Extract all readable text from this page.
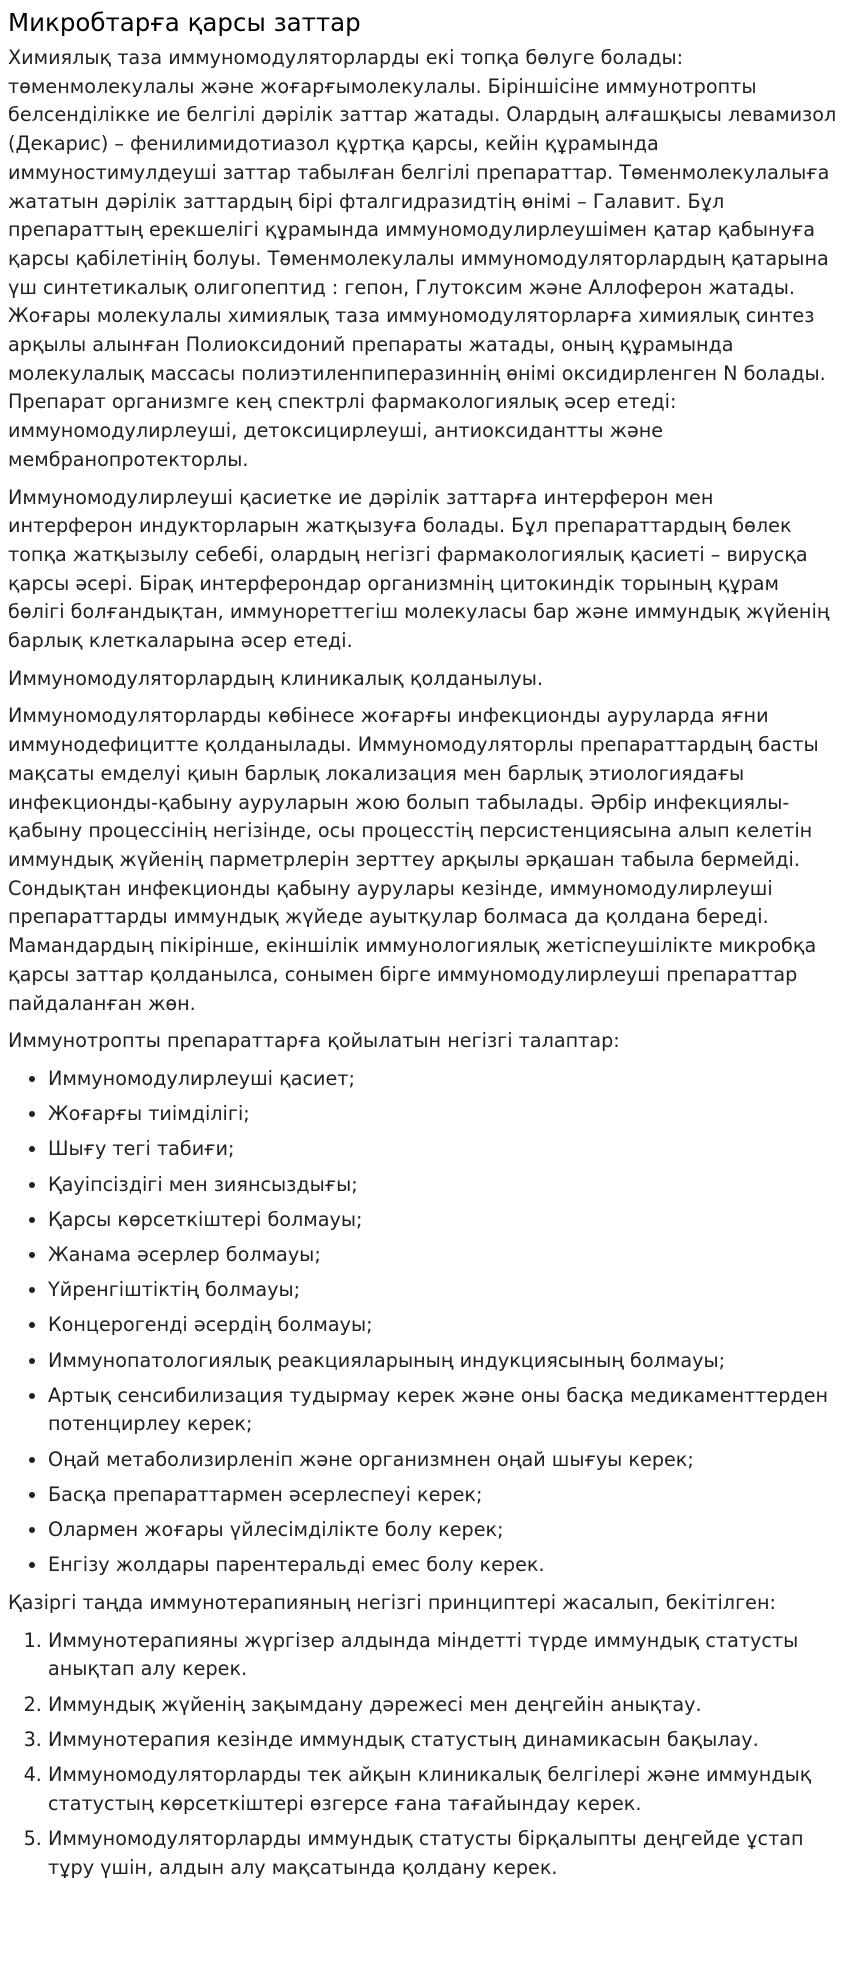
Микробтарға қарсы заттар

Химиялық таза иммуномодуляторларды екі топқа бөлуге болады: төменмолекулалы және жоғарғымолекулалы. Біріншісіне иммунотропты белсенділікке ие белгілі дәрілік заттар жатады. Олардың алғашқысы левамизол (Декарис) – фенилимидотиазол құртқа қарсы, кейін құрамында иммуностимулдеуші заттар табылған белгілі препараттар. Төменмолекулалыға жататын дәрілік заттардың бірі фталгидразидтің өнімі – Галавит. Бұл препараттың ерекшелігі құрамында иммуномодулирлеушімен қатар қабынуға қарсы қабілетінің болуы. Төменмолекулалы иммуномодуляторлардың қатарына үш синтетикалық олигопептид : гепон, Глутоксим және Аллоферон жатады. Жоғары молекулалы химиялық таза иммуномодуляторларға химиялық синтез арқылы алынған Полиоксидоний препараты жатады, оның құрамында молекулалық массасы полиэтиленпиперазиннің өнімі оксидирленген N болады. Препарат организмге кең спектрлі фармакологиялық әсер етеді: иммуномодулирлеуші, детоксицирлеуші, антиоксидантты және мембранопротекторлы.

Иммуномодулирлеуші қасиетке ие дәрілік заттарға интерферон мен интерферон индукторларын жатқызуға болады. Бұл препараттардың бөлек топқа жатқызылу себебі, олардың негізгі фармакологиялық қасиеті – вирусқа қарсы әсері. Бірақ интерферондар организмнің цитокиндік торының құрам бөлігі болғандықтан, иммунореттегіш молекуласы бар және иммундық жүйенің барлық клеткаларына әсер етеді.

Иммуномодуляторлардың клиникалық қолданылуы.

Иммуномодуляторларды көбінесе жоғарғы инфекционды ауруларда яғни иммунодефицитте қолданылады. Иммуномодуляторлы препараттардың басты мақсаты емделуі қиын барлық локализация мен барлық этиологиядағы инфекционды-қабыну ауруларын жою болып табылады. Әрбір инфекциялы-қабыну процессінің негізінде, осы процесстің персистенциясына алып келетін иммундық жүйенің парметрлерін зерттеу арқылы әрқашан табыла бермейді. Сондықтан инфекционды қабыну аурулары кезінде, иммуномодулирлеуші препараттарды иммундық жүйеде ауытқулар болмаса да қолдана береді. Мамандардың пікірінше, екіншілік иммунологиялық жетіспеушілікте микробқа қарсы заттар қолданылса, сонымен бірге иммуномодулирлеуші препараттар пайдаланған жөн.

Иммунотропты препараттарға қойылатын негізгі талаптар:

• Иммуномодулирлеуші қасиет;
• Жоғарғы тиімділігі;
• Шығу тегі табиғи;
• Қауіпсіздігі мен зиянсыздығы;
• Қарсы көрсеткіштері болмауы;
• Жанама әсерлер болмауы;
• Үйренгіштіктің болмауы;
• Концерогенді әсердің болмауы;
• Иммунопатологиялық реакцияларының индукциясының болмауы;
• Артық сенсибилизация тудырмау керек және оны басқа медикаменттерден потенцирлеу керек;
• Оңай метаболизирленіп және организмнен оңай шығуы керек;
• Басқа препараттармен әсерлеспеуі керек;
• Олармен жоғары үйлесімділікте болу керек;
• Енгізу жолдары парентеральді емес болу керек.

Қазіргі таңда иммунотерапияның негізгі принциптері жасалып, бекітілген:

1. Иммунотерапияны жүргізер алдында міндетті түрде иммундық статусты анықтап алу керек.
2. Иммундық жүйенің зақымдану дәрежесі мен деңгейін анықтау.
3. Иммунотерапия кезінде иммундық статустың динамикасын бақылау.
4. Иммуномодуляторларды тек айқын клиникалық белгілері және иммундық статустың көрсеткіштері өзгерсе ғана тағайындау керек.
5. Иммуномодуляторларды иммундық статусты бірқалыпты деңгейде ұстап тұру үшін, алдын алу мақсатында қолдану керек.
